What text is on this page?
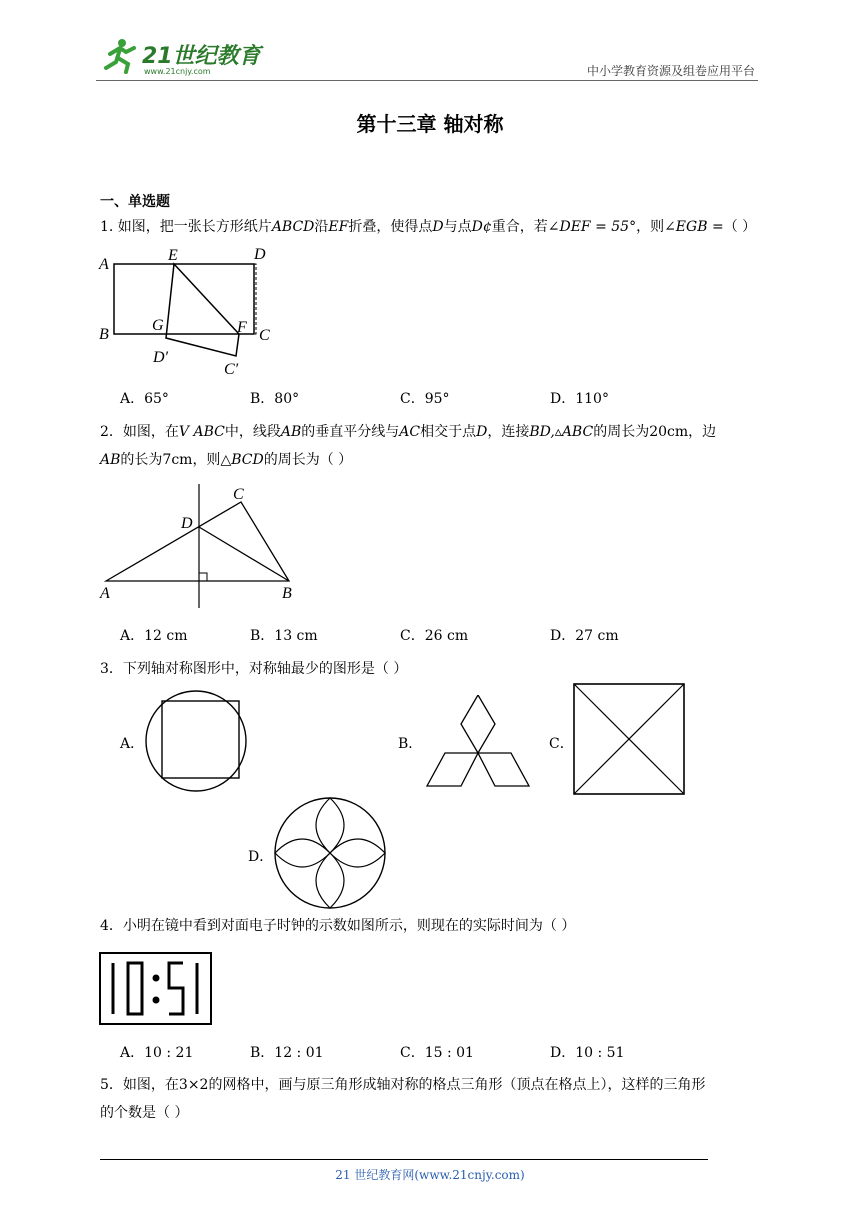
21世纪教育
www.21cnjy.com	中小学教育资源及组卷应用平台
第十三章 轴对称
一、单选题
1. 如图，把一张长方形纸片ABCD沿EF折叠，使得点D与点D¢重合，若∠DEF = 55°，则∠EGB =（ ）
A
E	D
B
G	F C
D′
C′
A．65°	B．80°	C．95°	D．110°
2．如图，在V ABC中，线段AB的垂直平分线与AC相交于点D，连接BD,▵ABC的周长为20cm，边
AB的长为7cm，则△BCD的周长为（ ）
C
D
A	B
A．12 cm	B．13 cm	C．26 cm	D．27 cm
3．下列轴对称图形中，对称轴最少的图形是（ ）
A．	B．	C．
D．
4．小明在镜中看到对面电子时钟的示数如图所示，则现在的实际时间为（ ）
A．10 : 21	B．12 : 01	C．15 : 01	D．10 : 51
5．如图，在3×2的网格中，画与原三角形成轴对称的格点三角形（顶点在格点上），这样的三角形
的个数是（ ）
21 世纪教育网(www.21cnjy.com)
